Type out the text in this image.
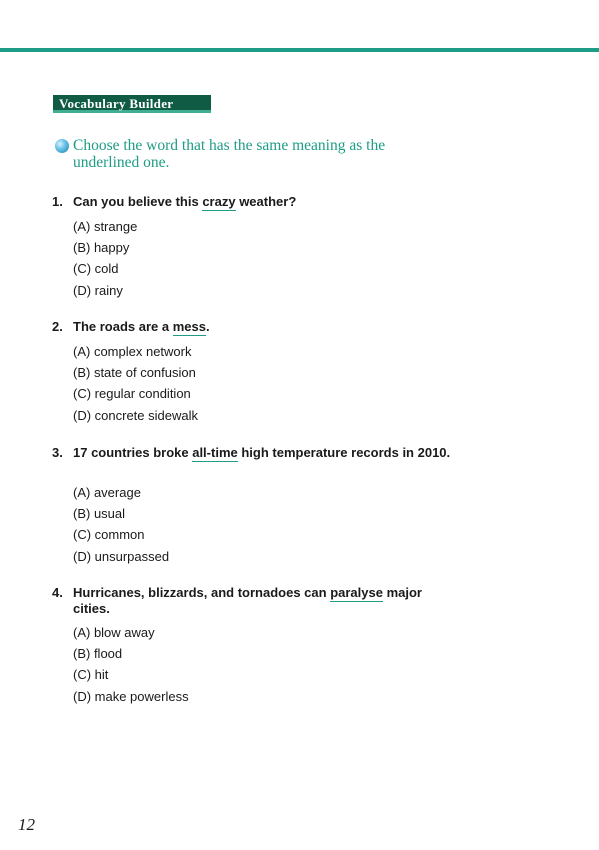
Vocabulary Builder
Choose the word that has the same meaning as the underlined one.
1. Can you believe this crazy weather?
(A) strange
(B) happy
(C) cold
(D) rainy
2. The roads are a mess.
(A) complex network
(B) state of confusion
(C) regular condition
(D) concrete sidewalk
3. 17 countries broke all-time high temperature records in 2010.
(A) average
(B) usual
(C) common
(D) unsurpassed
4. Hurricanes, blizzards, and tornadoes can paralyse major cities.
(A) blow away
(B) flood
(C) hit
(D) make powerless
12
